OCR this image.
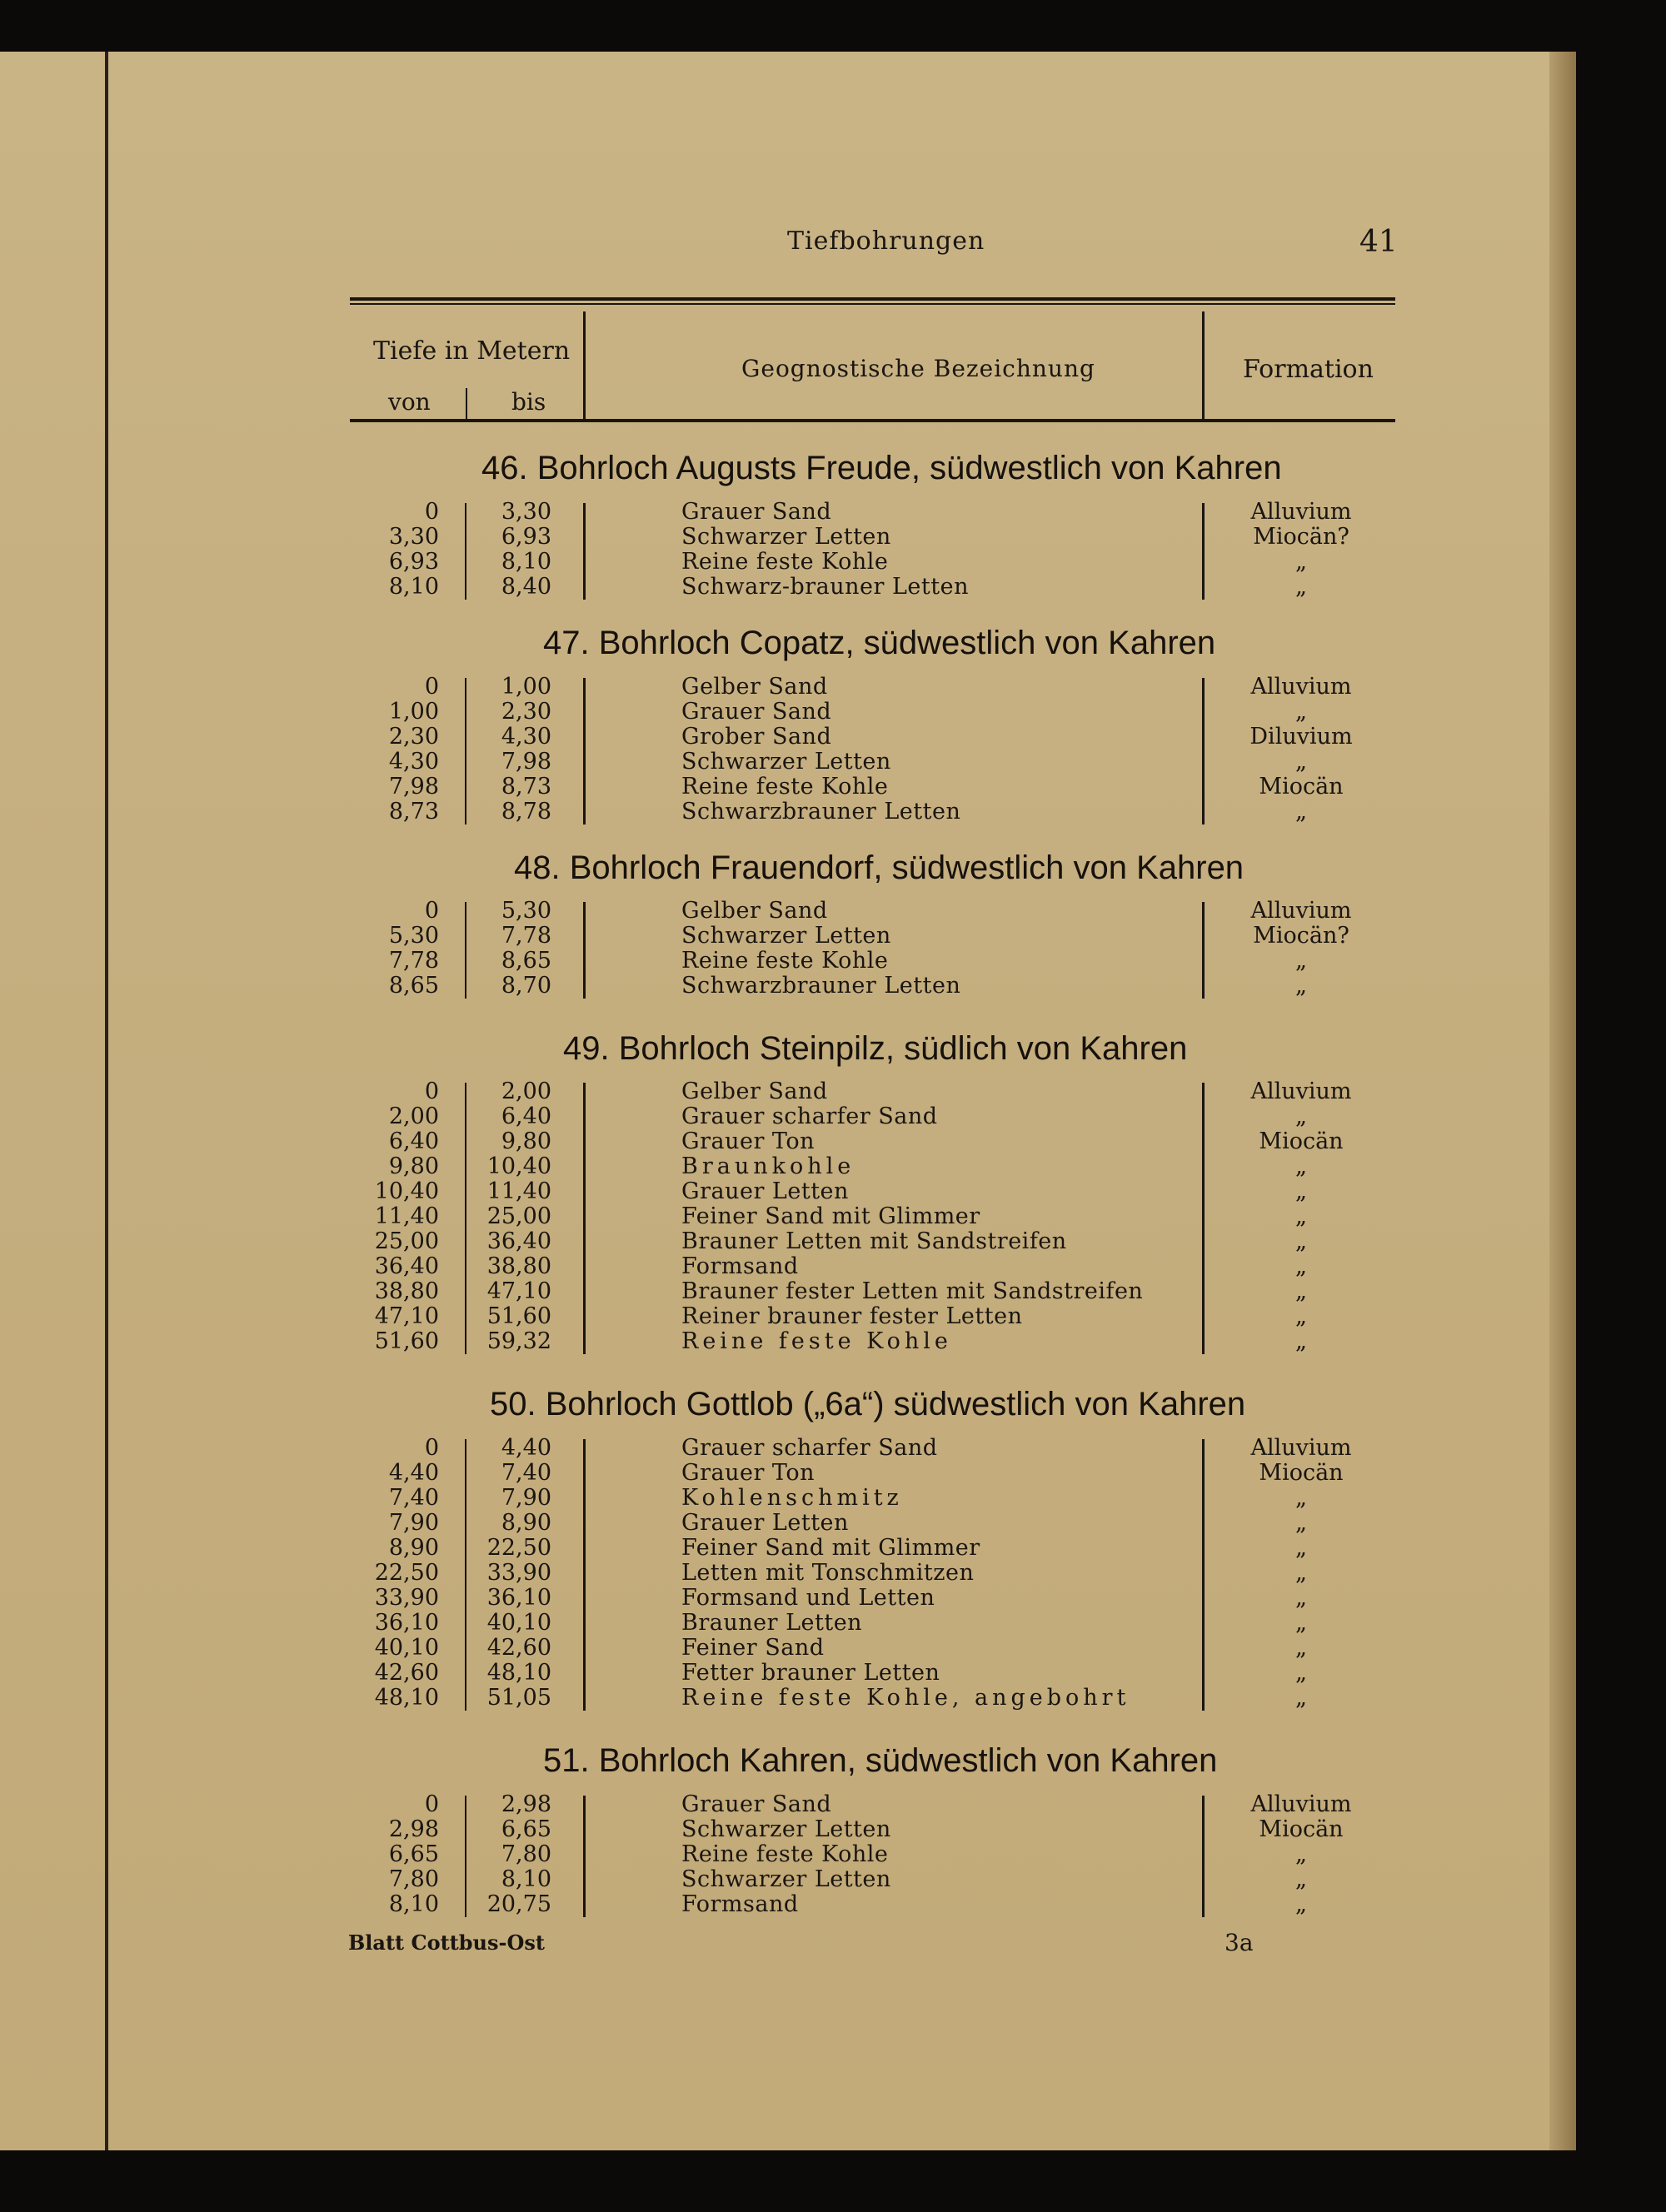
Tiefbohrungen	41
Tiefe in Metern
von	bis
Geognostische Bezeichnung	Formation
46. Bohrloch Augusts Freude, südwestlich von Kahren
0	3,30	Grauer Sand	Alluvium
3,30	6,93	Schwarzer Letten	Miocän?
6,93	8,10	Reine feste Kohle	„
8,10	8,40	Schwarz-brauner Letten	„
47. Bohrloch Copatz, südwestlich von Kahren
0	1,00	Gelber Sand	Alluvium
1,00	2,30	Grauer Sand	„
2,30	4,30	Grober Sand	Diluvium
4,30	7,98	Schwarzer Letten	„
7,98	8,73	Reine feste Kohle	Miocän
8,73	8,78	Schwarzbrauner Letten	„
48. Bohrloch Frauendorf, südwestlich von Kahren
0	5,30	Gelber Sand	Alluvium
5,30	7,78	Schwarzer Letten	Miocän?
7,78	8,65	Reine feste Kohle	„
8,65	8,70	Schwarzbrauner Letten	„
49. Bohrloch Steinpilz, südlich von Kahren
0	2,00	Gelber Sand	Alluvium
2,00	6,40	Grauer scharfer Sand	„
6,40	9,80	Grauer Ton	Miocän
9,80 10,40	Braunkohle	„
10,40 11,40	Grauer Letten	„
11,40 25,00	Feiner Sand mit Glimmer	„
25,00 36,40	Brauner Letten mit Sandstreifen	„
36,40 38,80	Formsand	„
38,80 47,10	Brauner fester Letten mit Sandstreifen	„
47,10 51,60	Reiner brauner fester Letten	„
51,60 59,32	Reine feste Kohle	„
50. Bohrloch Gottlob („6a“) südwestlich von Kahren
0	4,40	Grauer scharfer Sand	Alluvium
4,40	7,40	Grauer Ton	Miocän
7,40	7,90	Kohlenschmitz	„
7,90	8,90	Grauer Letten	„
8,90 22,50	Feiner Sand mit Glimmer	„
22,50 33,90	Letten mit Tonschmitzen	„
33,90 36,10	Formsand und Letten	„
36,10 40,10	Brauner Letten	„
40,10 42,60	Feiner Sand	„
42,60 48,10	Fetter brauner Letten	„
48,10 51,05	Reine feste Kohle, angebohrt	„
51. Bohrloch Kahren, südwestlich von Kahren
0	2,98	Grauer Sand	Alluvium
2,98	6,65	Schwarzer Letten	Miocän
6,65	7,80	Reine feste Kohle	„
7,80	8,10	Schwarzer Letten	„
8,10 20,75	Formsand	„
Blatt Cottbus-Ost	3a
